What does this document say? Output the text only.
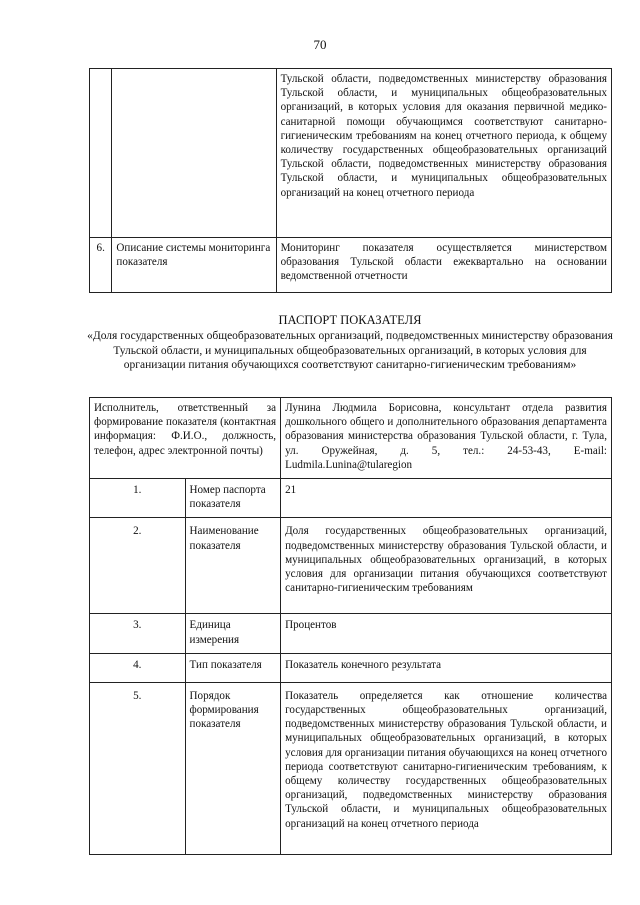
70
		Тульской области, подведомственных министерству образования Тульской области, и муниципальных общеобразовательных организаций, в которых условия для оказания первичной медико-санитарной помощи обучающимся соответствуют санитарно-гигиеническим требованиям на конец отчетного периода, к общему количеству государственных общеобразовательных организаций Тульской области, подведомственных министерству образования Тульской области, и муниципальных общеобразовательных организаций на конец отчетного периода
6.	Описание системы мониторинга показателя	Мониторинг показателя осуществляется министерством образования Тульской области ежеквартально на основании ведомственной отчетности
ПАСПОРТ ПОКАЗАТЕЛЯ
«Доля государственных общеобразовательных организаций, подведомственных министерству образования Тульской области, и муниципальных общеобразовательных организаций, в которых условия для организации питания обучающихся соответствуют санитарно-гигиеническим требованиям»
Исполнитель, ответственный за формирование показателя (контактная информация: Ф.И.О., должность, телефон, адрес электронной почты)		Лунина Людмила Борисовна, консультант отдела развития дошкольного общего и дополнительного образования департамента образования министерства образования Тульской области, г. Тула, ул. Оружейная, д. 5, тел.: 24-53-43, E-mail: Ludmila.Lunina@tularegion
1.	Номер паспорта показателя	21
2.	Наименование показателя	Доля государственных общеобразовательных организаций, подведомственных министерству образования Тульской области, и муниципальных общеобразовательных организаций, в которых условия для организации питания обучающихся соответствуют санитарно-гигиеническим требованиям
3.	Единица измерения	Процентов
4.	Тип показателя	Показатель конечного результата
5.	Порядок формирования показателя	Показатель определяется как отношение количества государственных общеобразовательных организаций, подведомственных министерству образования Тульской области, и муниципальных общеобразовательных организаций, в которых условия для организации питания обучающихся на конец отчетного периода соответствуют санитарно-гигиеническим требованиям, к общему количеству государственных общеобразовательных организаций, подведомственных министерству образования Тульской области, и муниципальных общеобразовательных организаций на конец отчетного периода
